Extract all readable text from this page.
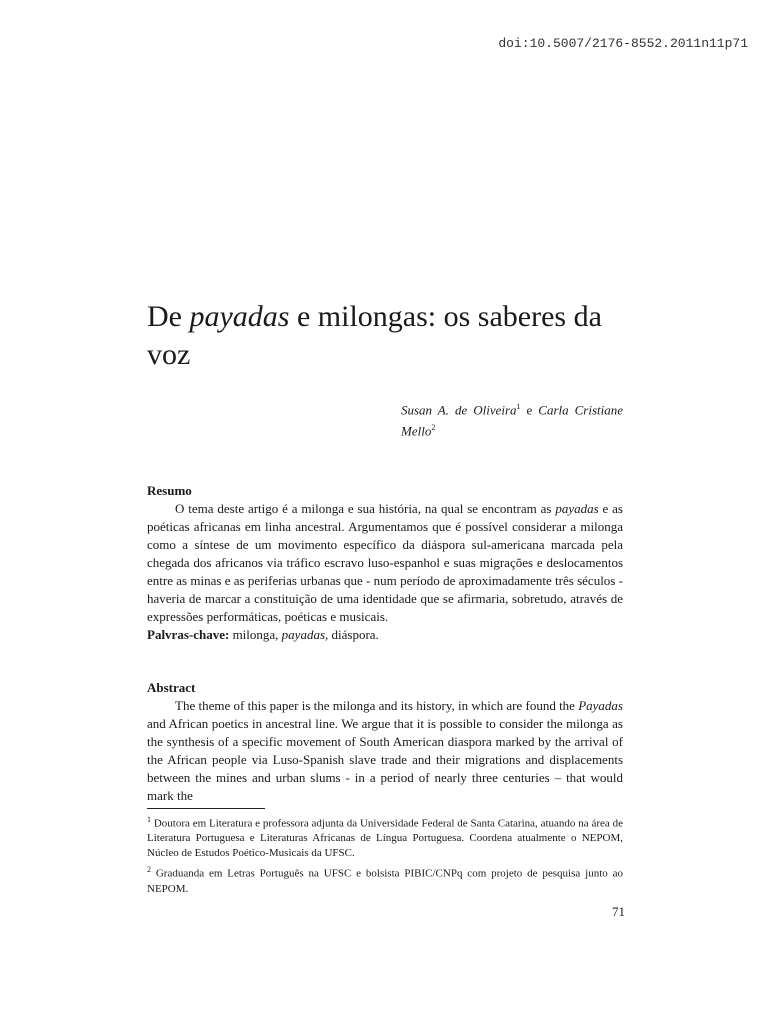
doi:10.5007/2176-8552.2011n11p71
De payadas e milongas: os saberes da voz
Susan A. de Oliveira$^1$ e Carla Cristiane Mello$^2$

Resumo

O tema deste artigo é a milonga e sua história, na qual se encontram as payadas e as poéticas africanas em linha ancestral. Argumentamos que é possível considerar a milonga como a síntese de um movimento específico da diáspora sul-americana marcada pela chegada dos africanos via tráfico escravo luso-espanhol e suas migrações e deslocamentos entre as minas e as periferias urbanas que - num período de aproximadamente três séculos - haveria de marcar a constituição de uma identidade que se afirmaria, sobretudo, através de expressões performáticas, poéticas e musicais.

Palvras-chave: milonga, payadas, diáspora.

Abstract

The theme of this paper is the milonga and its history, in which are found the Payadas and African poetics in ancestral line. We argue that it is possible to consider the milonga as the synthesis of a specific movement of South American diaspora marked by the arrival of the African people via Luso-Spanish slave trade and their migrations and displacements between the mines and urban slums - in a period of nearly three centuries – that would mark the

$^1$ Doutora em Literatura e professora adjunta da Universidade Federal de Santa Catarina, atuando na área de Literatura Portuguesa e Literaturas Africanas de Língua Portuguesa. Coordena atualmente o NEPOM, Núcleo de Estudos Poético-Musicais da UFSC.

$^2$ Graduanda em Letras Português na UFSC e bolsista PIBIC/CNPq com projeto de pesquisa junto ao NEPOM.

71
